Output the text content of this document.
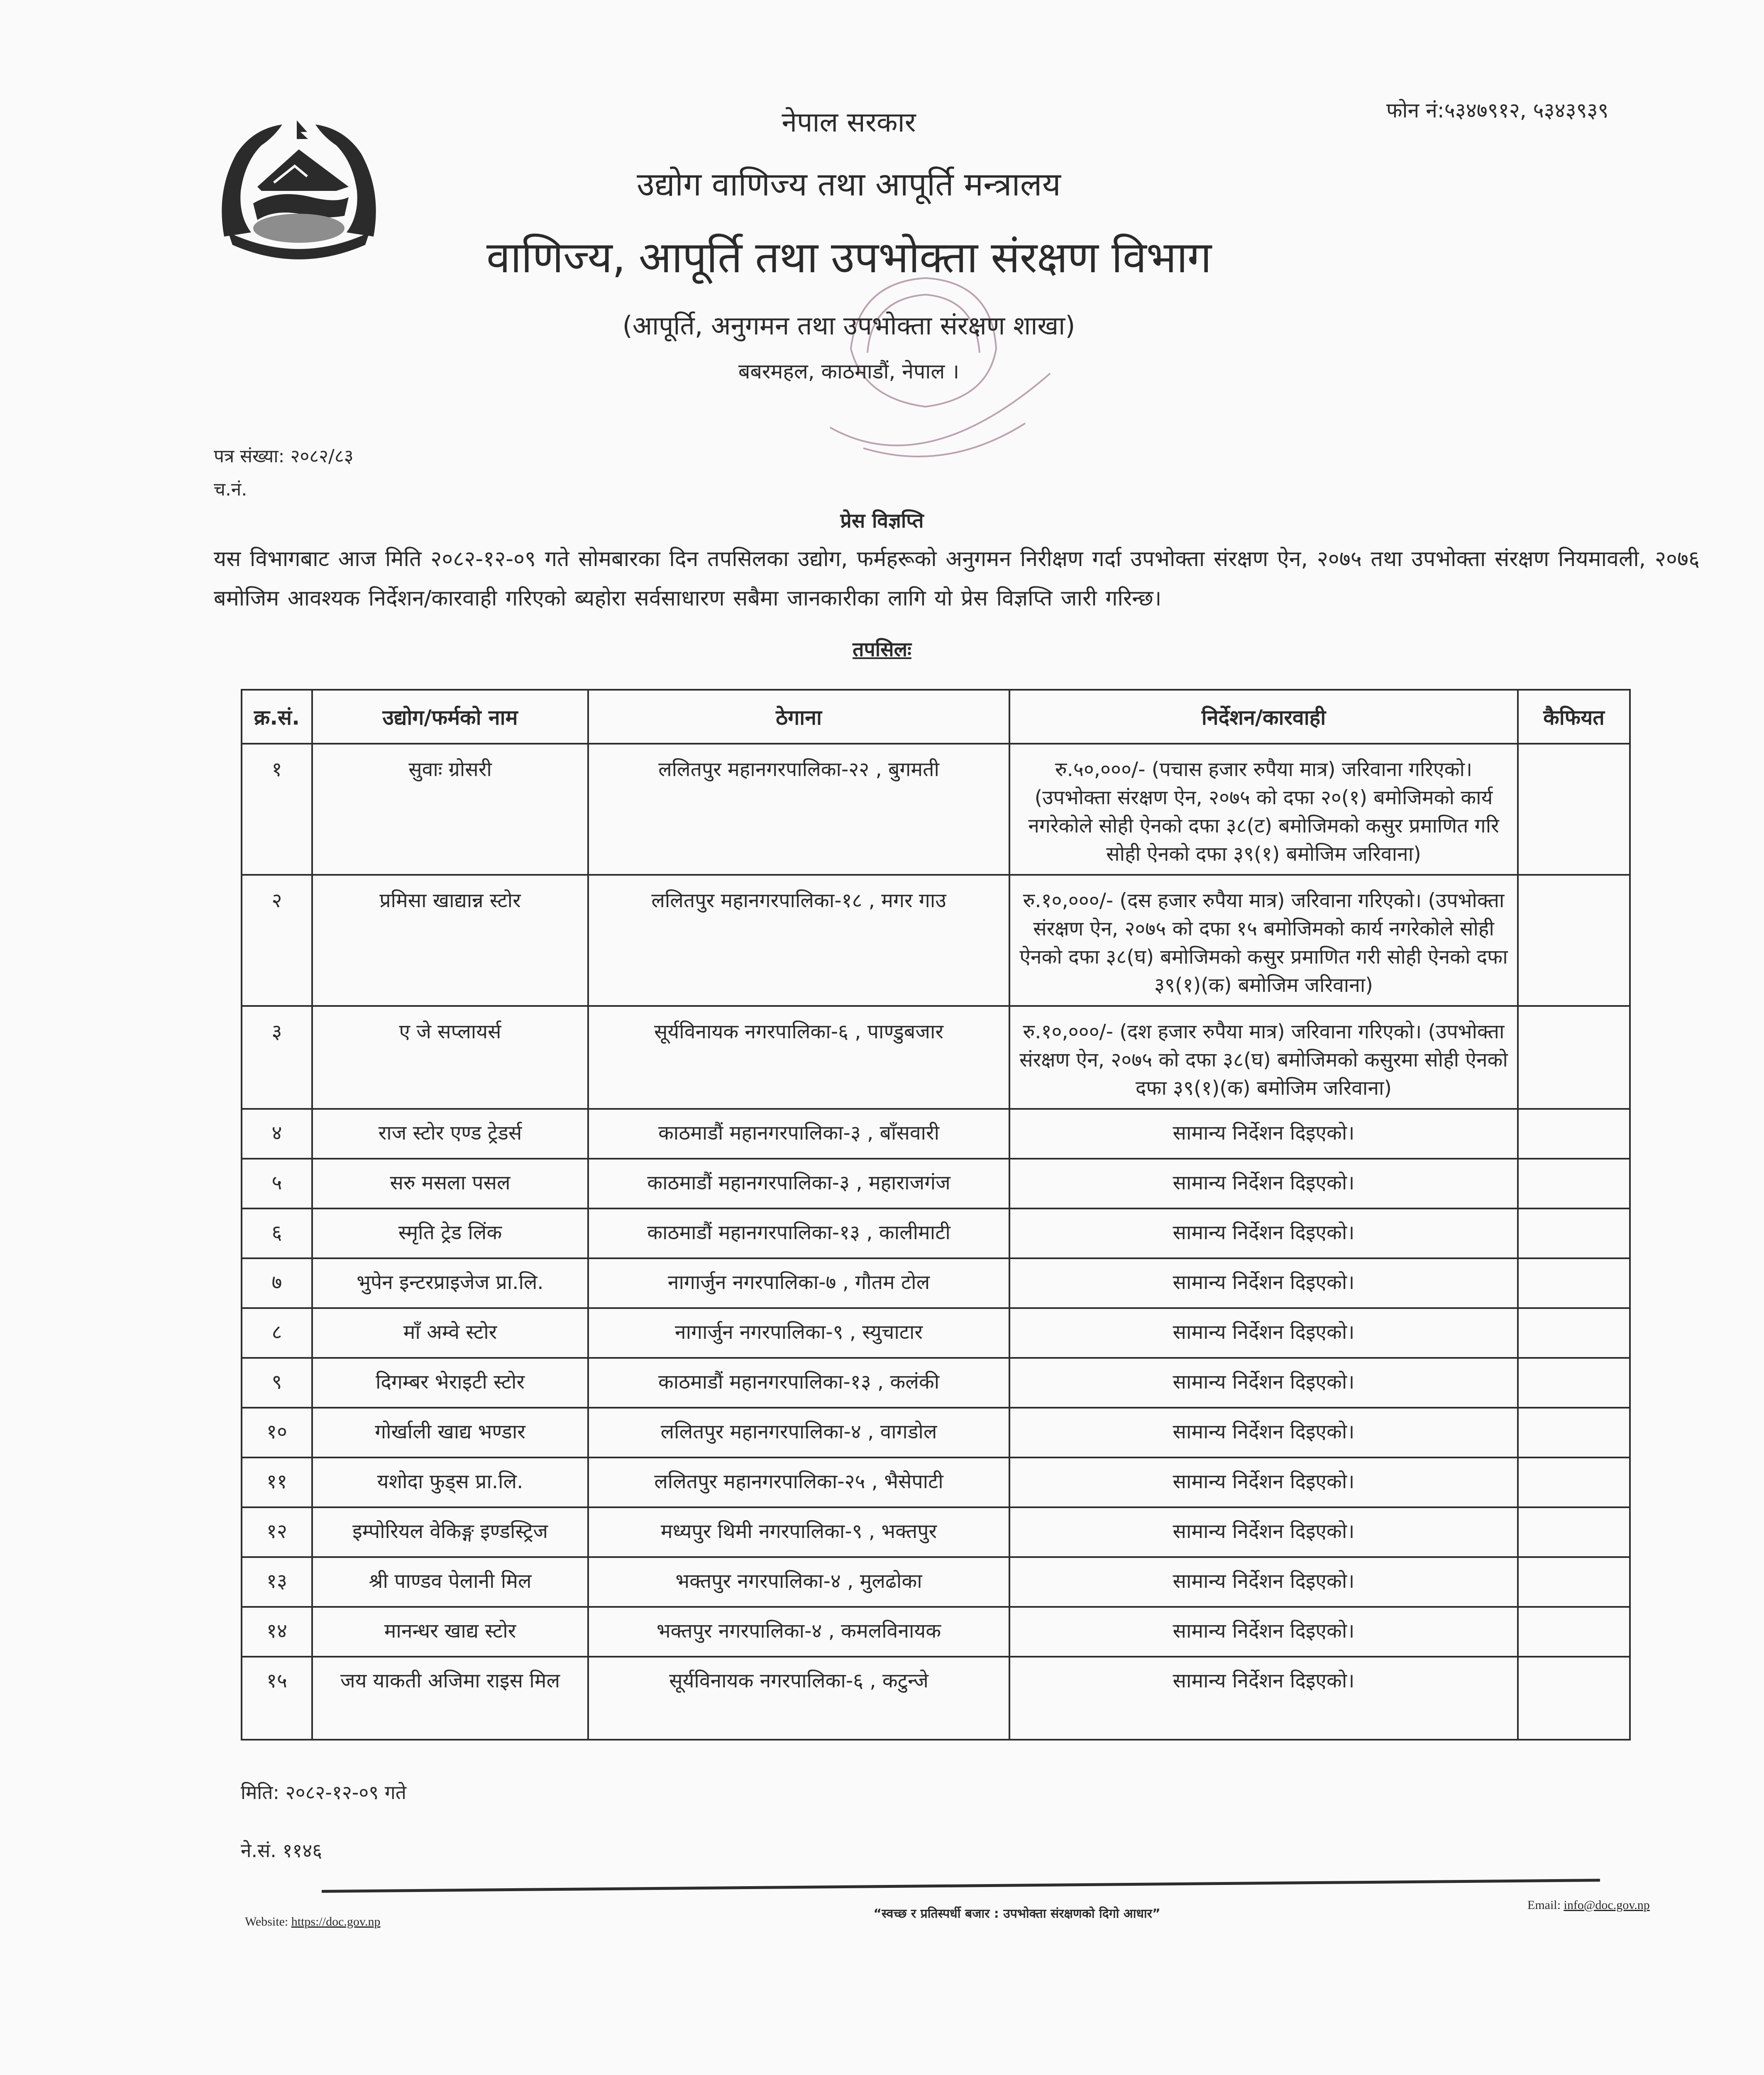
नेपाल सरकार
उद्योग वाणिज्य तथा आपूर्ति मन्त्रालय
वाणिज्य, आपूर्ति तथा उपभोक्ता संरक्षण विभाग
(आपूर्ति, अनुगमन तथा उपभोक्ता संरक्षण शाखा)
बबरमहल, काठमाडौं, नेपाल ।
फोन नं:५३४७९१२, ५३४३९३९
पत्र संख्या: २०८२/८३
च.नं.
प्रेस विज्ञप्ति

यस विभागबाट आज मिति २०८२-१२-०९ गते सोमबारका दिन तपसिलका उद्योग, फर्महरूको अनुगमन निरीक्षण गर्दा उपभोक्ता संरक्षण ऐन, २०७५ तथा उपभोक्ता संरक्षण नियमावली, २०७६ बमोजिम आवश्यक निर्देशन/कारवाही गरिएको ब्यहोरा सर्वसाधारण सबैमा जानकारीका लागि यो प्रेस विज्ञप्ति जारी गरिन्छ।

तपसिलः
क्र.सं.	उद्योग/फर्मको नाम	ठेगाना	निर्देशन/कारवाही	कैफियत
१	सुवाः ग्रोसरी	ललितपुर महानगरपालिका-२२ , बुगमती	रु.५०,०००/- (पचास हजार रुपैया मात्र) जरिवाना गरिएको। (उपभोक्ता संरक्षण ऐन, २०७५ को दफा २०(१) बमोजिमको कार्य नगरेकोले सोही ऐनको दफा ३८(ट) बमोजिमको कसुर प्रमाणित गरि सोही ऐनको दफा ३९(१) बमोजिम जरिवाना)	
२	प्रमिसा खाद्यान्न स्टोर	ललितपुर महानगरपालिका-१८ , मगर गाउ	रु.१०,०००/- (दस हजार रुपैया मात्र) जरिवाना गरिएको। (उपभोक्ता संरक्षण ऐन, २०७५ को दफा १५ बमोजिमको कार्य नगरेकोले सोही ऐनको दफा ३८(घ) बमोजिमको कसुर प्रमाणित गरी सोही ऐनको दफा ३९(१)(क) बमोजिम जरिवाना)	
३	ए जे सप्लायर्स	सूर्यविनायक नगरपालिका-६ , पाण्डुबजार	रु.१०,०००/- (दश हजार रुपैया मात्र) जरिवाना गरिएको। (उपभोक्ता संरक्षण ऐन, २०७५ को दफा ३८(घ) बमोजिमको कसुरमा सोही ऐनको दफा ३९(१)(क) बमोजिम जरिवाना)	
४	राज स्टोर एण्ड ट्रेडर्स	काठमाडौं महानगरपालिका-३ , बाँसवारी	सामान्य निर्देशन दिइएको।	
५	सरु मसला पसल	काठमाडौं महानगरपालिका-३ , महाराजगंज	सामान्य निर्देशन दिइएको।	
६	स्मृति ट्रेड लिंक	काठमाडौं महानगरपालिका-१३ , कालीमाटी	सामान्य निर्देशन दिइएको।	
७	भुपेन इन्टरप्राइजेज प्रा.लि.	नागार्जुन नगरपालिका-७ , गौतम टोल	सामान्य निर्देशन दिइएको।	
८	माँ अम्वे स्टोर	नागार्जुन नगरपालिका-९ , स्युचाटार	सामान्य निर्देशन दिइएको।	
९	दिगम्बर भेराइटी स्टोर	काठमाडौं महानगरपालिका-१३ , कलंकी	सामान्य निर्देशन दिइएको।	
१०	गोर्खाली खाद्य भण्डार	ललितपुर महानगरपालिका-४ , वागडोल	सामान्य निर्देशन दिइएको।	
११	यशोदा फुड्स प्रा.लि.	ललितपुर महानगरपालिका-२५ , भैसेपाटी	सामान्य निर्देशन दिइएको।	
१२	इम्पोरियल वेकिङ्ग इण्डस्ट्रिज	मध्यपुर थिमी नगरपालिका-९ , भक्तपुर	सामान्य निर्देशन दिइएको।	
१३	श्री पाण्डव पेलानी मिल	भक्तपुर नगरपालिका-४ , मुलढोका	सामान्य निर्देशन दिइएको।	
१४	मानन्धर खाद्य स्टोर	भक्तपुर नगरपालिका-४ , कमलविनायक	सामान्य निर्देशन दिइएको।	
१५	जय याकती अजिमा राइस मिल	सूर्यविनायक नगरपालिका-६ , कटुन्जे	सामान्य निर्देशन दिइएको।	
मिति: २०८२-१२-०९ गते
ने.सं. ११४६
Website: https://doc.gov.np
“स्वच्छ र प्रतिस्पर्धी बजार : उपभोक्ता संरक्षणको दिगो आधार”
Email: info@doc.gov.np
